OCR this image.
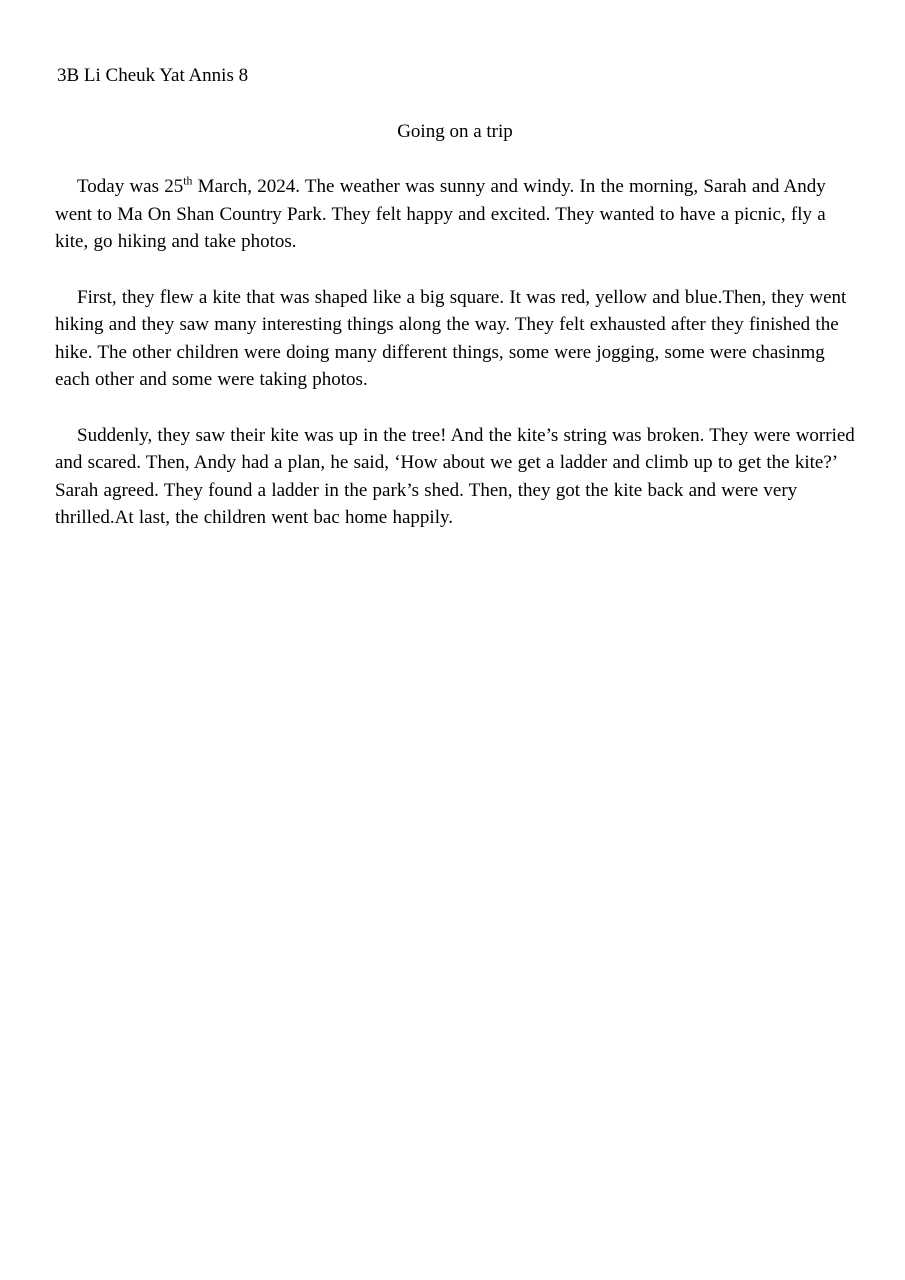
3B Li Cheuk Yat Annis 8
Going on a trip

Today was 25th March, 2024. The weather was sunny and windy. In the morning, Sarah and Andy went to Ma On Shan Country Park. They felt happy and excited. They wanted to have a picnic, fly a kite, go hiking and take photos.

First, they flew a kite that was shaped like a big square. It was red, yellow and blue.Then, they went hiking and they saw many interesting things along the way. They felt exhausted after they finished the hike. The other children were doing many different things, some were jogging, some were chasinmg each other and some were taking photos.

Suddenly, they saw their kite was up in the tree! And the kite’s string was broken. They were worried and scared. Then, Andy had a plan, he said, ‘How about we get a ladder and climb up to get the kite?’ Sarah agreed. They found a ladder in the park’s shed. Then, they got the kite back and were very thrilled.At last, the children went bac home happily.
